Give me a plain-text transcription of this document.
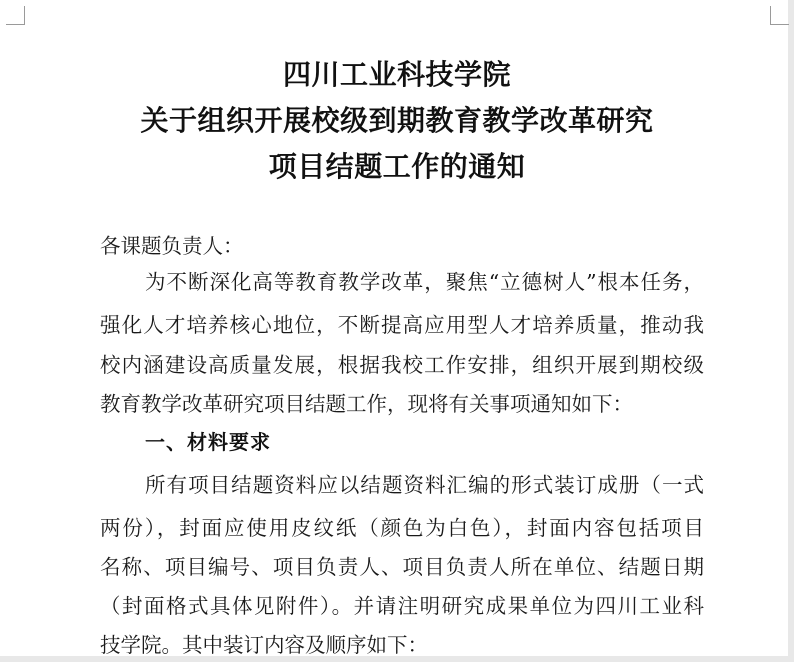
四川工业科技学院
关于组织开展校级到期教育教学改革研究
项目结题工作的通知
各课题负责人：
为不断深化高等教育教学改革，聚焦“立德树人”根本任务，
强化人才培养核心地位，不断提高应用型人才培养质量，推动我
校内涵建设高质量发展，根据我校工作安排，组织开展到期校级
教育教学改革研究项目结题工作，现将有关事项通知如下：
一、材料要求
所有项目结题资料应以结题资料汇编的形式装订成册（一式
两份），封面应使用皮纹纸（颜色为白色），封面内容包括项目
名称、项目编号、项目负责人、项目负责人所在单位、结题日期
（封面格式具体见附件）。并请注明研究成果单位为四川工业科
技学院。其中装订内容及顺序如下：
